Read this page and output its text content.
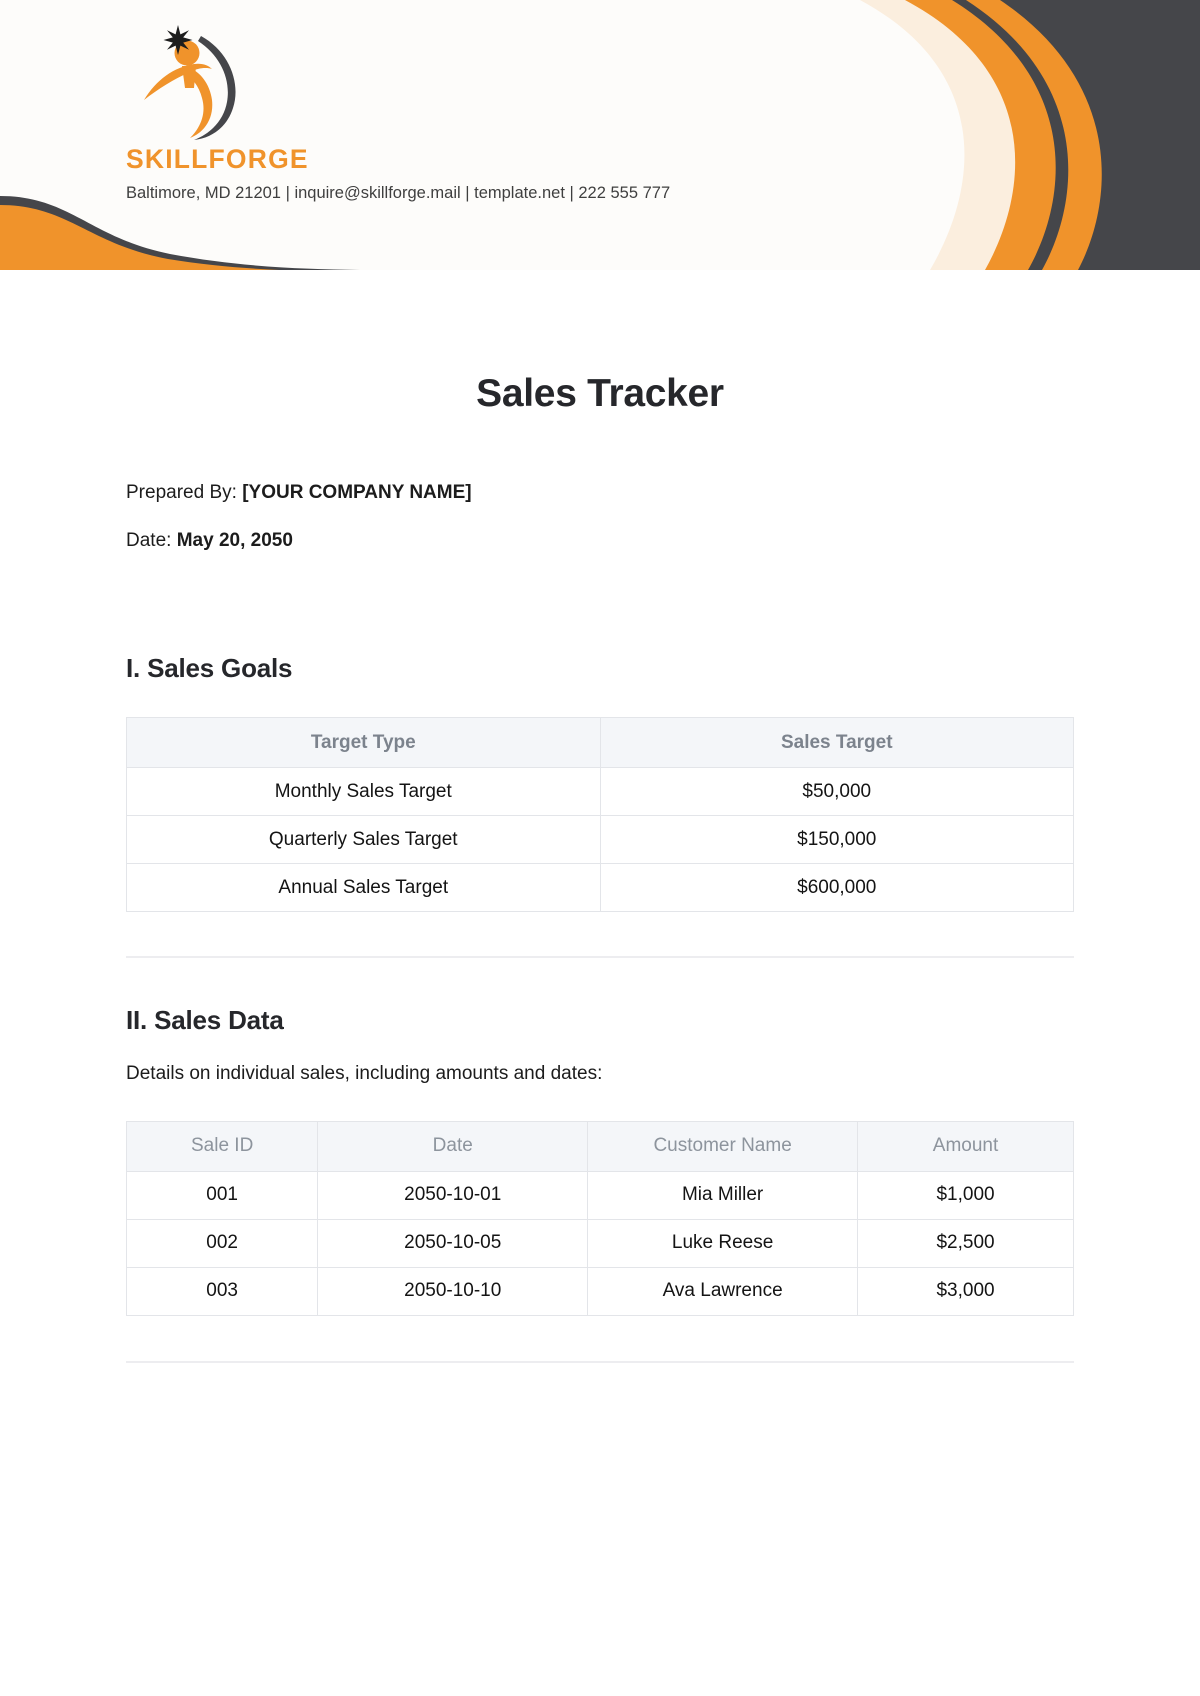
SKILLFORGE
Baltimore, MD 21201 | inquire@skillforge.mail | template.net | 222 555 777
Sales Tracker

Prepared By: [YOUR COMPANY NAME]

Date: May 20, 2050

I. Sales Goals
Target Type	Sales Target
Monthly Sales Target	$50,000
Quarterly Sales Target	$150,000
Annual Sales Target	$600,000
II. Sales Data

Details on individual sales, including amounts and dates:

Sale ID	Date	Customer Name	Amount
001	2050-10-01	Mia Miller	$1,000
002	2050-10-05	Luke Reese	$2,500
003	2050-10-10	Ava Lawrence	$3,000
